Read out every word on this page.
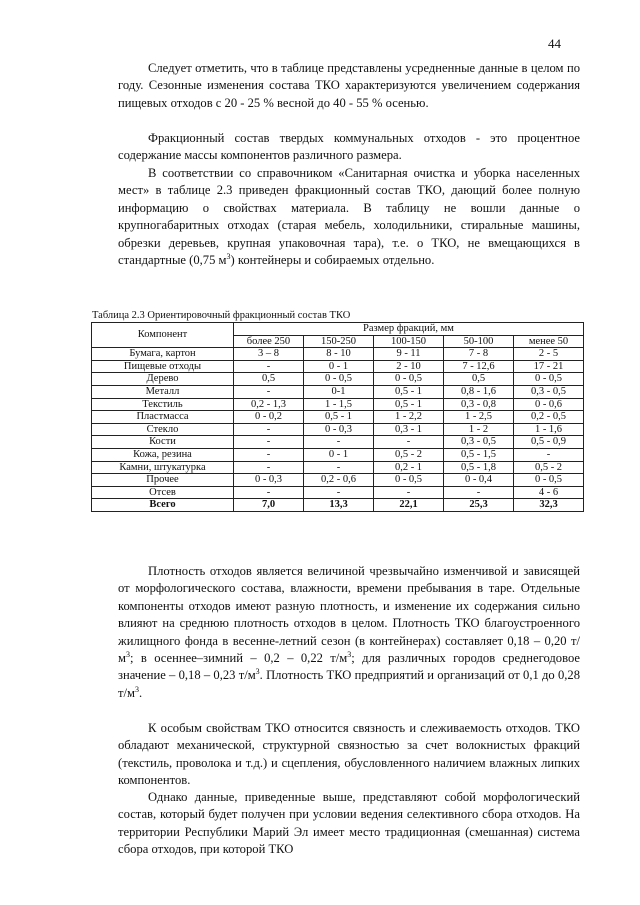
44

Следует отметить, что в таблице представлены усредненные данные в целом по году. Сезонные изменения состава ТКО характеризуются увеличением содержания пищевых отходов с 20 - 25 % весной до 40 - 55 % осенью.

Фракционный состав твердых коммунальных отходов - это процентное содержание массы компонентов различного размера.

В соответствии со справочником «Санитарная очистка и уборка населенных мест» в таблице 2.3 приведен фракционный состав ТКО, дающий более полную информацию о свойствах материала. В таблицу не вошли данные о крупногабаритных отходах (старая мебель, холодильники, стиральные машины, обрезки деревьев, крупная упаковочная тара), т.е. о ТКО, не вмещающихся в стандартные (0,75 $м^3$) контейнеры и собираемых отдельно.

Таблица 2.3 Ориентировочный фракционный состав ТКО
Компонент	Размер фракций, мм				
	более 250	150-250	100-150	50-100	менее 50
Бумага, картон	3 – 8	8 - 10	9 - 11	7 - 8	2 - 5
Пищевые отходы	-	0 - 1	2 - 10	7 - 12,6	17 - 21
Дерево	0,5	0 - 0,5	0 - 0,5	0,5	0 - 0,5
Металл	-	0-1	0,5 - 1	0,8 - 1,6	0,3 - 0,5
Текстиль	0,2 - 1,3	1 - 1,5	0,5 - 1	0,3 - 0,8	0 - 0,6
Пластмасса	0 - 0,2	0,5 - 1	1 - 2,2	1 - 2,5	0,2 - 0,5
Стекло	-	0 - 0,3	0,3 - 1	1 - 2	1 - 1,6
Кости	-	-	-	0,3 - 0,5	0,5 - 0,9
Кожа, резина	-	0 - 1	0,5 - 2	0,5 - 1,5	-
Камни, штукатурка	-	-	0,2 - 1	0,5 - 1,8	0,5 - 2
Прочее	0 - 0,3	0,2 - 0,6	0 - 0,5	0 - 0,4	0 - 0,5
Отсев	-	-	-	-	4 - 6
Всего	7,0	13,3	22,1	25,3	32,3

Плотность отходов является величиной чрезвычайно изменчивой и зависящей от морфологического состава, влажности, времени пребывания в таре. Отдельные компоненты отходов имеют разную плотность, и изменение их содержания сильно влияют на среднюю плотность отходов в целом. Плотность ТКО благоустроенного жилищного фонда в весенне-летний сезон (в контейнерах) составляет 0,18 – 0,20 $т/м^3$; в осеннее–зимний – 0,2 – 0,22 $т/м^3$; для различных городов среднегодовое значение – 0,18 – 0,23 $т/м^3$. Плотность ТКО предприятий и организаций от 0,1 до 0,28 $т/м^3$.

К особым свойствам ТКО относится связность и слеживаемость отходов. ТКО обладают механической, структурной связностью за счет волокнистых фракций (текстиль, проволока и т.д.) и сцепления, обусловленного наличием влажных липких компонентов.

Однако данные, приведенные выше, представляют собой морфологический состав, который будет получен при условии ведения селективного сбора отходов. На территории Республики Марий Эл имеет место традиционная (смешанная) система сбора отходов, при которой ТКО
